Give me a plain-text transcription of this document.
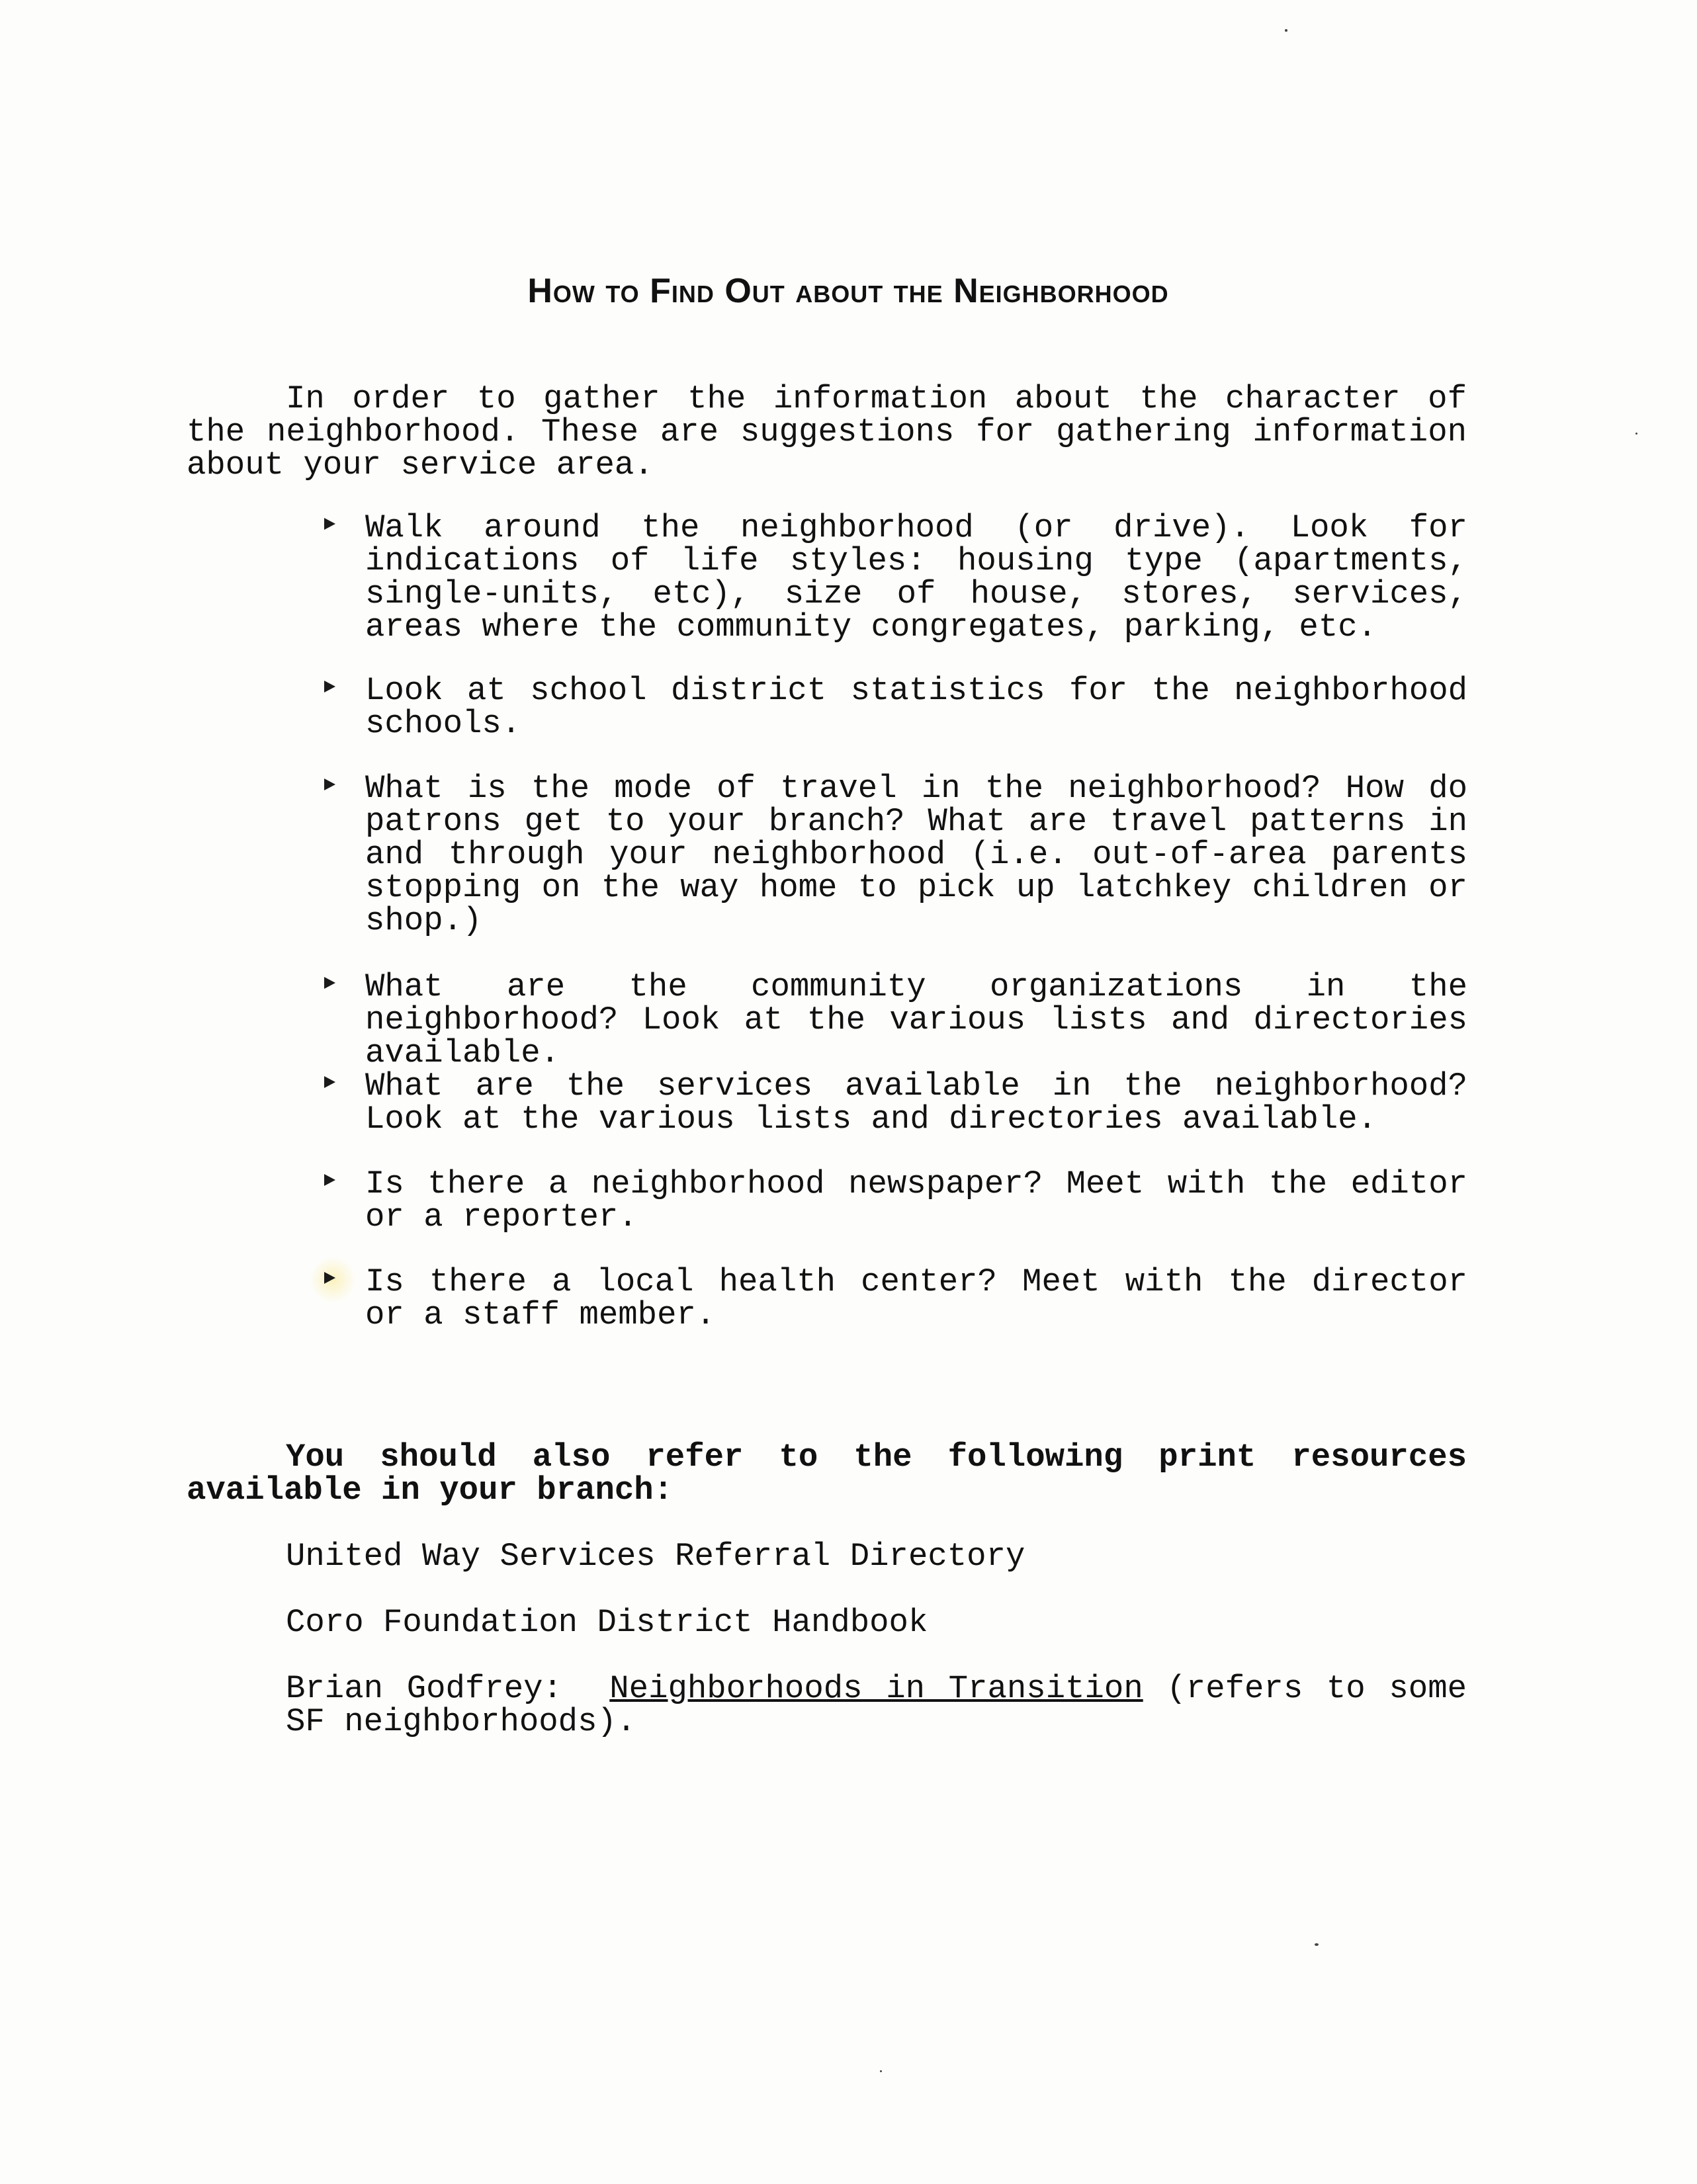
How to Find Out about the Neighborhood
In order to gather the information about the character of the neighborhood. These are suggestions for gathering information about your service area.
Walk around the neighborhood (or drive). Look for indications of life styles: housing type (apartments, single-units, etc), size of house, stores, services, areas where the community congregates, parking, etc.
Look at school district statistics for the neighborhood schools.
What is the mode of travel in the neighborhood? How do patrons get to your branch? What are travel patterns in and through your neighborhood (i.e. out-of-area parents stopping on the way home to pick up latchkey children or shop.)
What are the community organizations in the neighborhood? Look at the various lists and directories available.
What are the services available in the neighborhood? Look at the various lists and directories available.
Is there a neighborhood newspaper? Meet with the editor or a reporter.
Is there a local health center? Meet with the director or a staff member.
You should also refer to the following print resources available in your branch:
United Way Services Referral Directory
Coro Foundation District Handbook
Brian Godfrey: Neighborhoods in Transition (refers to some SF neighborhoods).
